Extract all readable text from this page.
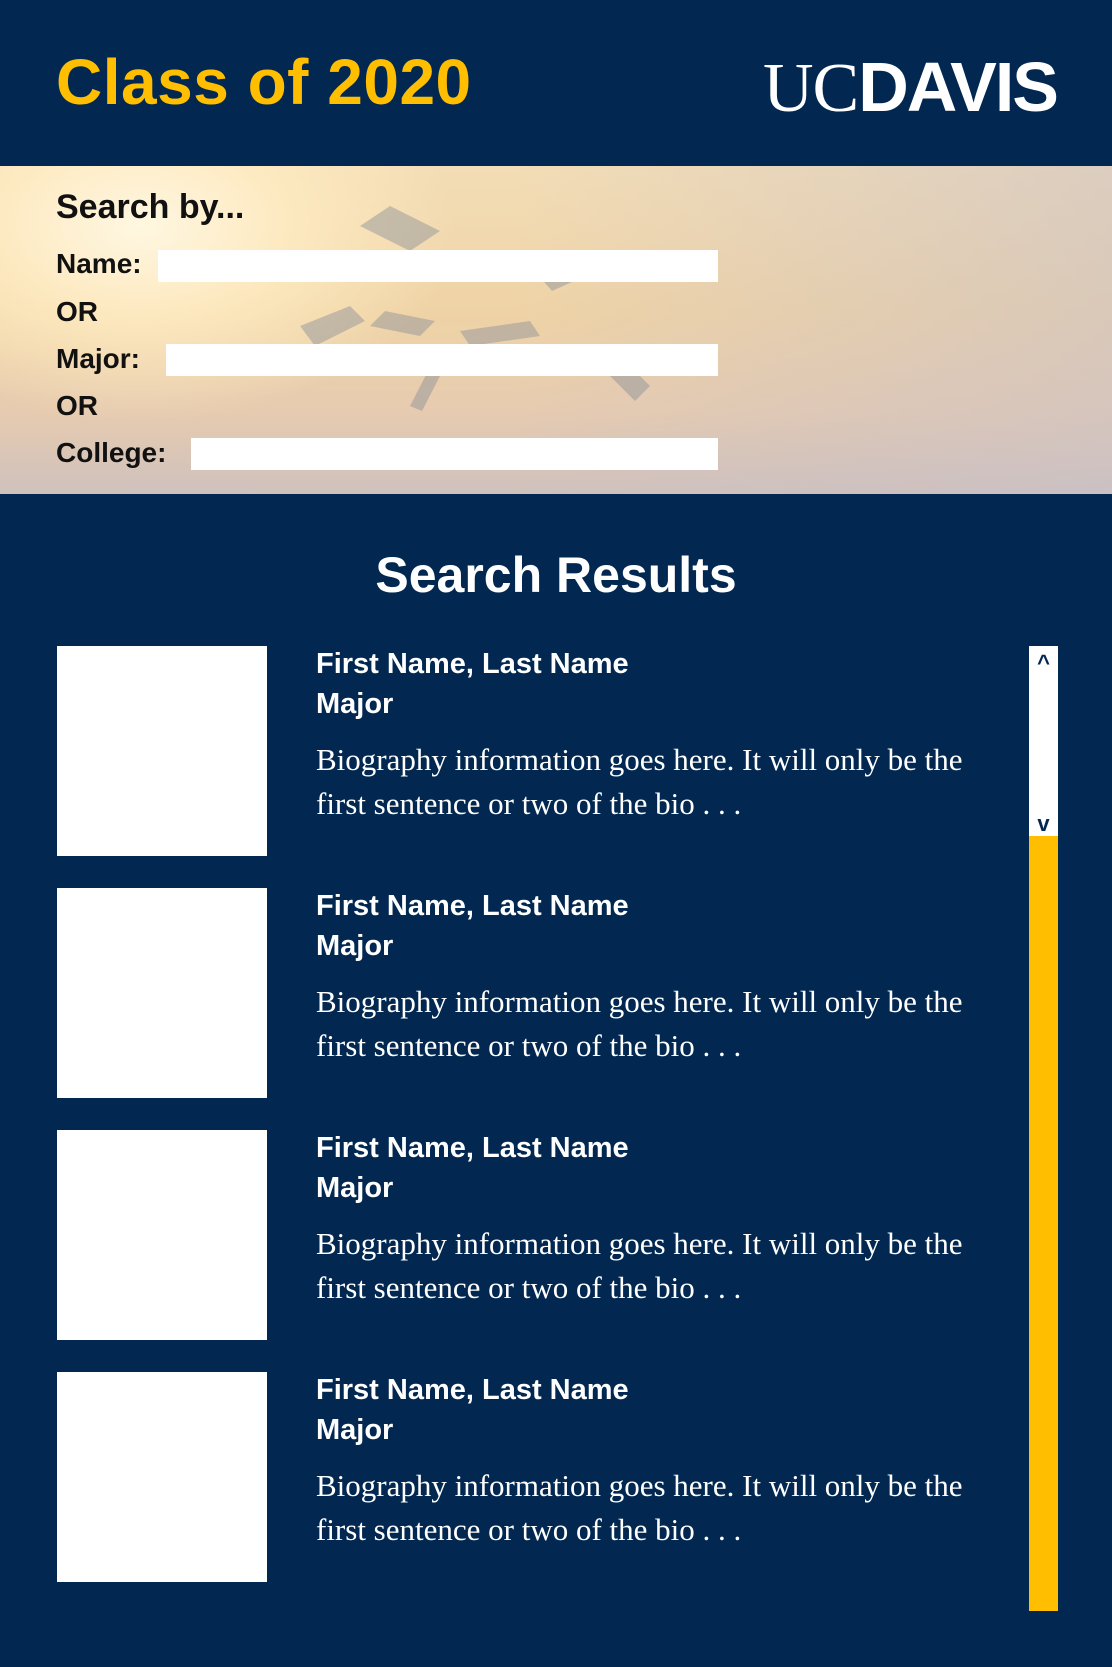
Class of 2020	UCDAVIS
Search by...
Name:
OR
Major:
OR
College:
Search Results
First Name, Last Name
Major
Biography information goes here. It will only be the first sentence or two of the bio . . .
First Name, Last Name
Major
Biography information goes here. It will only be the first sentence or two of the bio . . .
First Name, Last Name
Major
Biography information goes here. It will only be the first sentence or two of the bio . . .
First Name, Last Name
Major
Biography information goes here. It will only be the first sentence or two of the bio . . .
^
v
